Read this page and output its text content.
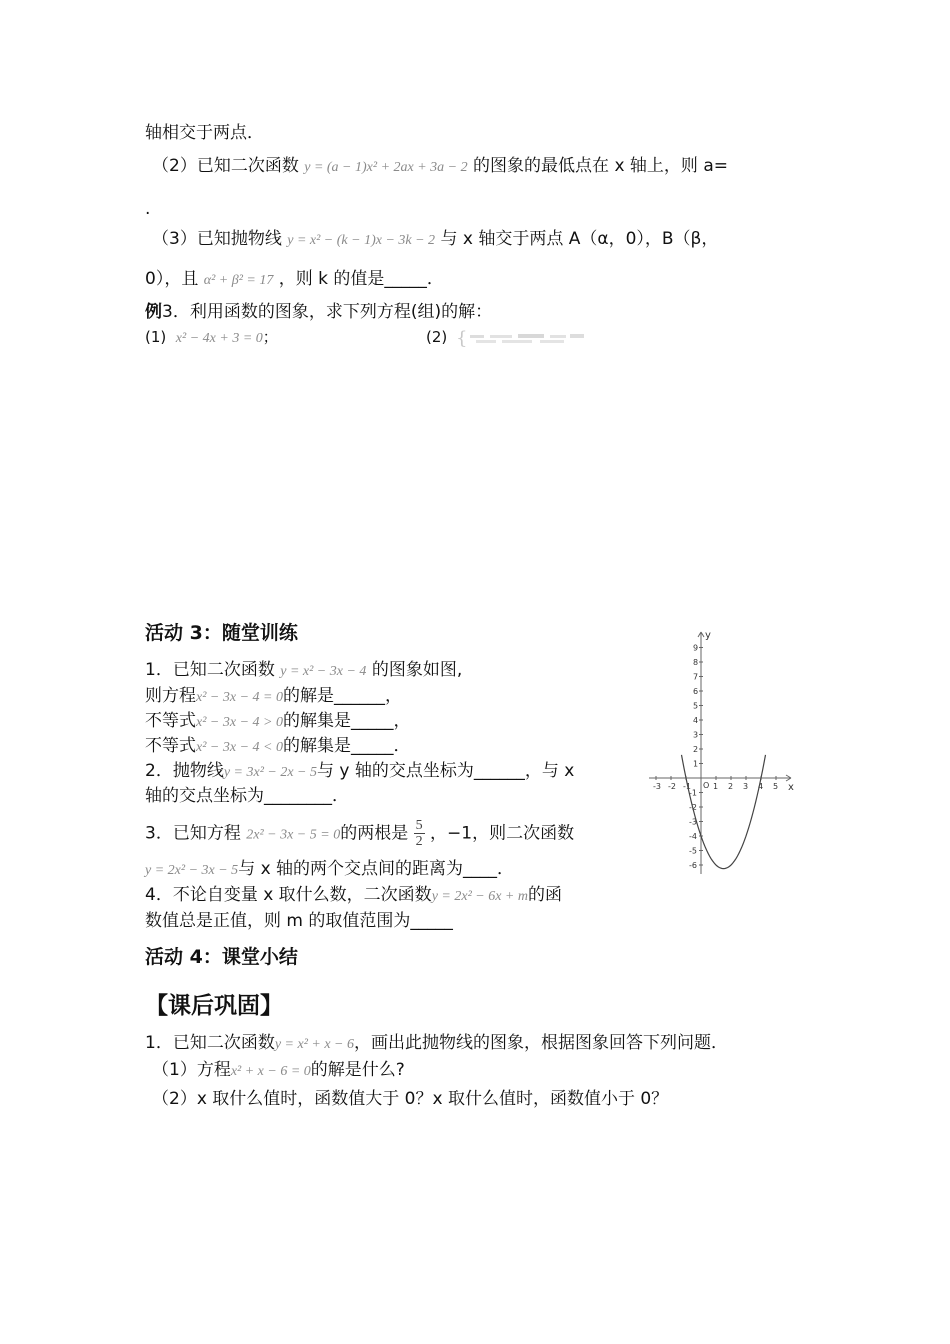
轴相交于两点．
（2）已知二次函数 y = (a − 1)x² + 2ax + 3a − 2 的图象的最低点在 x 轴上，则 a=
.
（3）已知抛物线 y = x² − (k − 1)x − 3k − 2 与 x 轴交于两点 A（α，0），B（β，
0），且 α² + β² = 17 ，则 k 的值是_____．
例3．利用函数的图象，求下列方程(组)的解：
(1) x² − 4x + 3 = 0；	(2) {
活动 3：随堂训练
1．已知二次函数 y = x² − 3x − 4 的图象如图,
则方程x² − 3x − 4 = 0的解是______，
不等式x² − 3x − 4 > 0的解集是_____，
不等式x² − 3x − 4 < 0的解集是_____．
2．抛物线y = 3x² − 2x − 5与 y 轴的交点坐标为______，与 x
轴的交点坐标为________．
3．已知方程 2x² − 3x − 5 = 0的两根是 $\frac{5}{2}$ ，−1，则二次函数
y = 2x² − 3x − 5与 x 轴的两个交点间的距离为____．
4．不论自变量 x 取什么数，二次函数y = 2x² − 6x + m的函
数值总是正值，则 m 的取值范围为_____
-3 -2 -1	1 2 3 4 5
9
8
7
6
5
4
3
2
1
-1
-2
-3
-4
-5
-6
x
y
O
活动 4：课堂小结
【课后巩固】
1．已知二次函数y = x² + x − 6，画出此抛物线的图象，根据图象回答下列问题．
（1）方程x² + x − 6 = 0的解是什么?
（2）x 取什么值时，函数值大于 0？x 取什么值时，函数值小于 0？
